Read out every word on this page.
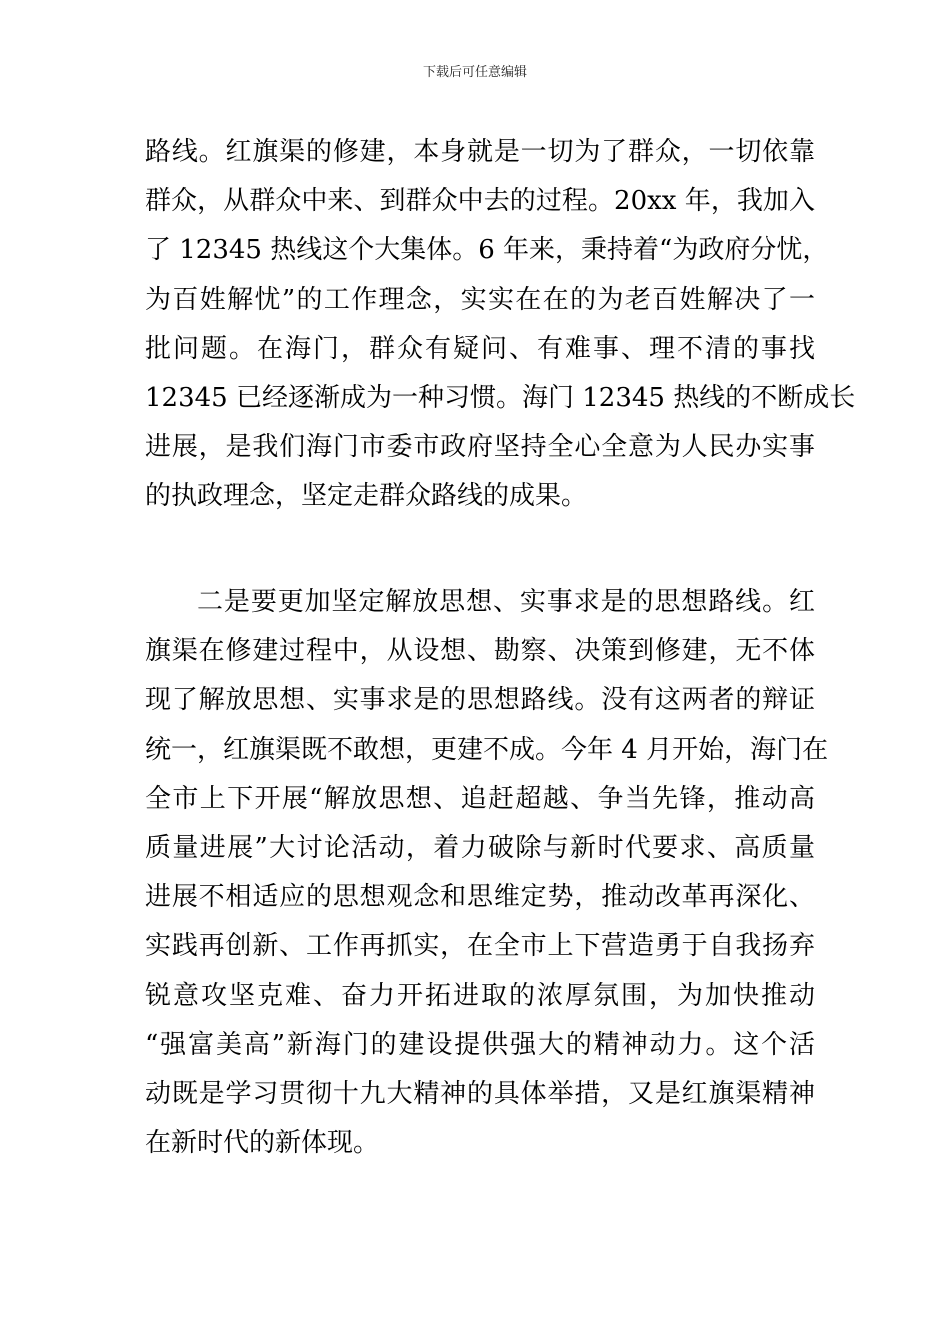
下载后可任意编辑
路线。红旗渠的修建，本身就是一切为了群众，一切依靠
群众，从群众中来、到群众中去的过程。20xx 年，我加入
了 12345 热线这个大集体。6 年来，秉持着“为政府分忧，
为百姓解忧”的工作理念，实实在在的为老百姓解决了一
批问题。在海门，群众有疑问、有难事、理不清的事找
12345 已经逐渐成为一种习惯。海门 12345 热线的不断成长
进展，是我们海门市委市政府坚持全心全意为人民办实事
的执政理念，坚定走群众路线的成果。
二是要更加坚定解放思想、实事求是的思想路线。红
旗渠在修建过程中，从设想、勘察、决策到修建，无不体
现了解放思想、实事求是的思想路线。没有这两者的辩证
统一，红旗渠既不敢想，更建不成。今年 4 月开始，海门在
全市上下开展“解放思想、追赶超越、争当先锋，推动高
质量进展”大讨论活动，着力破除与新时代要求、高质量
进展不相适应的思想观念和思维定势，推动改革再深化、
实践再创新、工作再抓实，在全市上下营造勇于自我扬弃
锐意攻坚克难、奋力开拓进取的浓厚氛围，为加快推动
“强富美高”新海门的建设提供强大的精神动力。这个活
动既是学习贯彻十九大精神的具体举措，又是红旗渠精神
在新时代的新体现。
